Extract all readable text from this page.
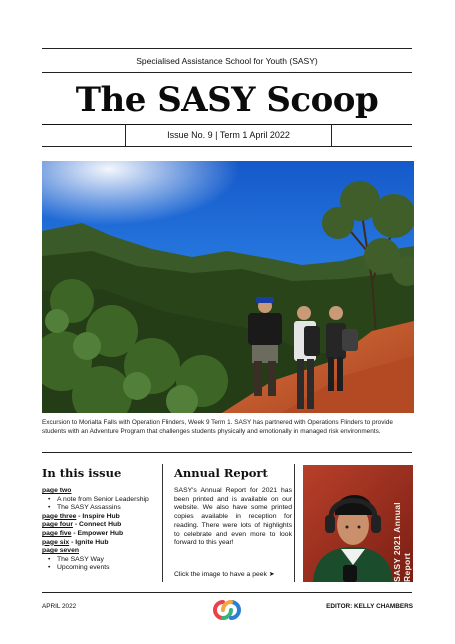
Specialised Assistance School for Youth (SASY)
The SASY Scoop
Issue No. 9 | Term 1 April 2022
Excursion to Morialta Falls with Operation Flinders, Week 9 Term 1. SASY has partnered with Operations Flinders to provide students with an Adventure Program that challenges students physically and emotionally in managed risk environments.
In this issue
page two
• A note from Senior Leadership
• The SASY Assassins
page three - Inspire Hub
page four - Connect Hub
page five - Empower Hub
page six - Ignite Hub
page seven
• The SASY Way
• Upcoming events
Annual Report
SASY's Annual Report for 2021 has been printed and is available on our website. We also have some printed copies available in reception for reading. There were lots of highlights to celebrate and even more to look forward to this year!
Click the image to have a peek ➤	SASY 2021 Annual Report
APRIL 2022	EDITOR: KELLY CHAMBERS
